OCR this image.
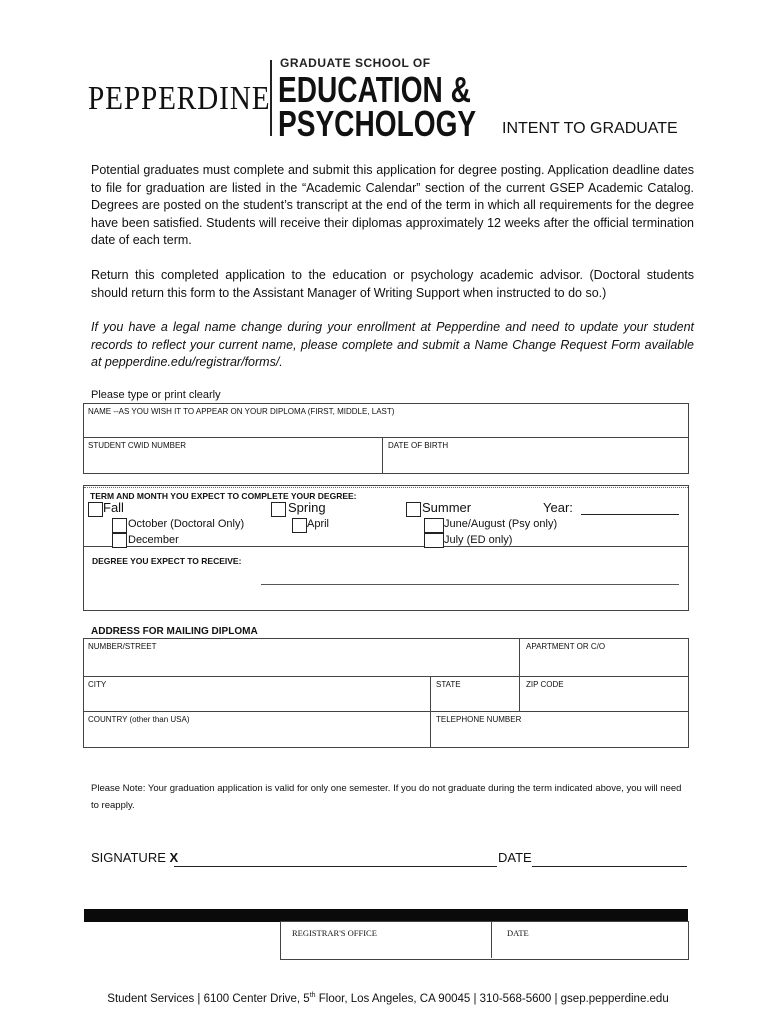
PEPPERDINE
GRADUATE SCHOOL OF
EDUCATION &
PSYCHOLOGY INTENT TO GRADUATE
Potential graduates must complete and submit this application for degree posting. Application deadline dates to file for graduation are listed in the “Academic Calendar” section of the current GSEP Academic Catalog. Degrees are posted on the student’s transcript at the end of the term in which all requirements for the degree have been satisfied. Students will receive their diplomas approximately 12 weeks after the official termination date of each term.
Return this completed application to the education or psychology academic advisor. (Doctoral students should return this form to the Assistant Manager of Writing Support when instructed to do so.)
If you have a legal name change during your enrollment at Pepperdine and need to update your student records to reflect your current name, please complete and submit a Name Change Request Form available at pepperdine.edu/registrar/forms/.
Please type or print clearly
NAME --AS YOU WISH IT TO APPEAR ON YOUR DIPLOMA (FIRST, MIDDLE, LAST)
STUDENT CWID NUMBER	DATE OF BIRTH
TERM AND MONTH YOU EXPECT TO COMPLETE YOUR DEGREE:
Fall	Spring	Summer	Year:
October (Doctoral Only)
December
April	June/August (Psy only)
July (ED only)
DEGREE YOU EXPECT TO RECEIVE:
ADDRESS FOR MAILING DIPLOMA
NUMBER/STREET	APARTMENT OR C/O
CITY	STATE	ZIP CODE
COUNTRY (other than USA)	TELEPHONE NUMBER
Please Note: Your graduation application is valid for only one semester. If you do not graduate during the term indicated above, you will need to reapply.
SIGNATURE X	DATE
REGISTRAR'S OFFICE	DATE
Student Services | 6100 Center Drive, 5th Floor, Los Angeles, CA 90045 | 310-568-5600 | gsep.pepperdine.edu
